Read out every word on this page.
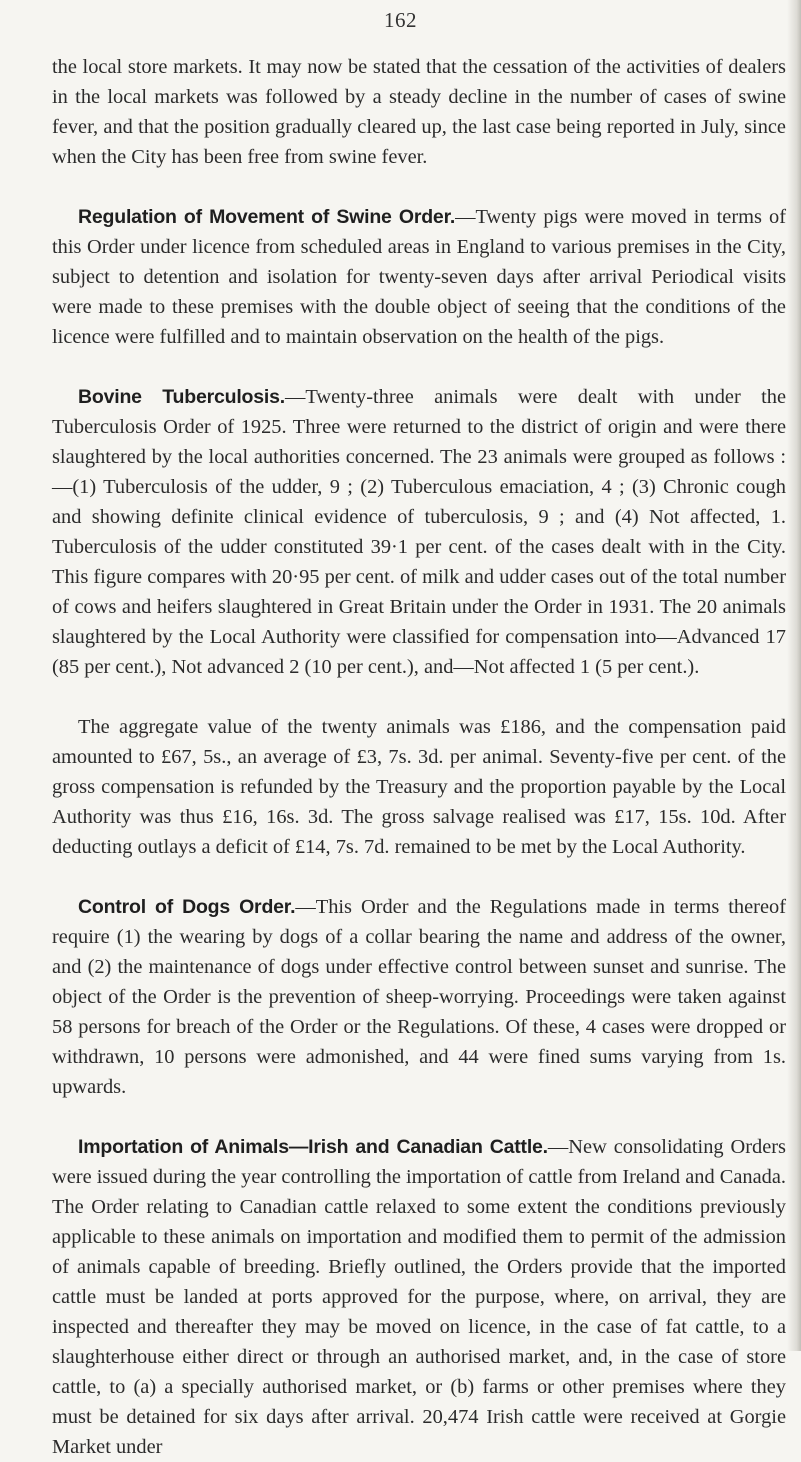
162

the local store markets. It may now be stated that the cessation of the activities of dealers in the local markets was followed by a steady decline in the number of cases of swine fever, and that the position gradually cleared up, the last case being reported in July, since when the City has been free from swine fever.

Regulation of Movement of Swine Order.—Twenty pigs were moved in terms of this Order under licence from scheduled areas in England to various premises in the City, subject to detention and isolation for twenty-seven days after arrival Periodical visits were made to these premises with the double object of seeing that the conditions of the licence were fulfilled and to maintain observation on the health of the pigs.

Bovine Tuberculosis.—Twenty-three animals were dealt with under the Tuberculosis Order of 1925. Three were returned to the district of origin and were there slaughtered by the local authorities concerned. The 23 animals were grouped as follows :—(1) Tuberculosis of the udder, 9 ; (2) Tuberculous emaciation, 4 ; (3) Chronic cough and showing definite clinical evidence of tuberculosis, 9 ; and (4) Not affected, 1. Tuberculosis of the udder constituted 39·1 per cent. of the cases dealt with in the City. This figure compares with 20·95 per cent. of milk and udder cases out of the total number of cows and heifers slaughtered in Great Britain under the Order in 1931. The 20 animals slaughtered by the Local Authority were classified for compensation into—Advanced 17 (85 per cent.), Not advanced 2 (10 per cent.), and—Not affected 1 (5 per cent.).

The aggregate value of the twenty animals was £186, and the compensation paid amounted to £67, 5s., an average of £3, 7s. 3d. per animal. Seventy-five per cent. of the gross compensation is refunded by the Treasury and the proportion payable by the Local Authority was thus £16, 16s. 3d. The gross salvage realised was £17, 15s. 10d. After deducting outlays a deficit of £14, 7s. 7d. remained to be met by the Local Authority.

Control of Dogs Order.—This Order and the Regulations made in terms thereof require (1) the wearing by dogs of a collar bearing the name and address of the owner, and (2) the maintenance of dogs under effective control between sunset and sunrise. The object of the Order is the prevention of sheep-worrying. Proceedings were taken against 58 persons for breach of the Order or the Regulations. Of these, 4 cases were dropped or withdrawn, 10 persons were admonished, and 44 were fined sums varying from 1s. upwards.

Importation of Animals—Irish and Canadian Cattle.—New consolidating Orders were issued during the year controlling the importation of cattle from Ireland and Canada. The Order relating to Canadian cattle relaxed to some extent the conditions previously applicable to these animals on importation and modified them to permit of the admission of animals capable of breeding. Briefly outlined, the Orders provide that the imported cattle must be landed at ports approved for the purpose, where, on arrival, they are inspected and thereafter they may be moved on licence, in the case of fat cattle, to a slaughterhouse either direct or through an authorised market, and, in the case of store cattle, to (a) a specially authorised market, or (b) farms or other premises where they must be detained for six days after arrival. 20,474 Irish cattle were received at Gorgie Market under
